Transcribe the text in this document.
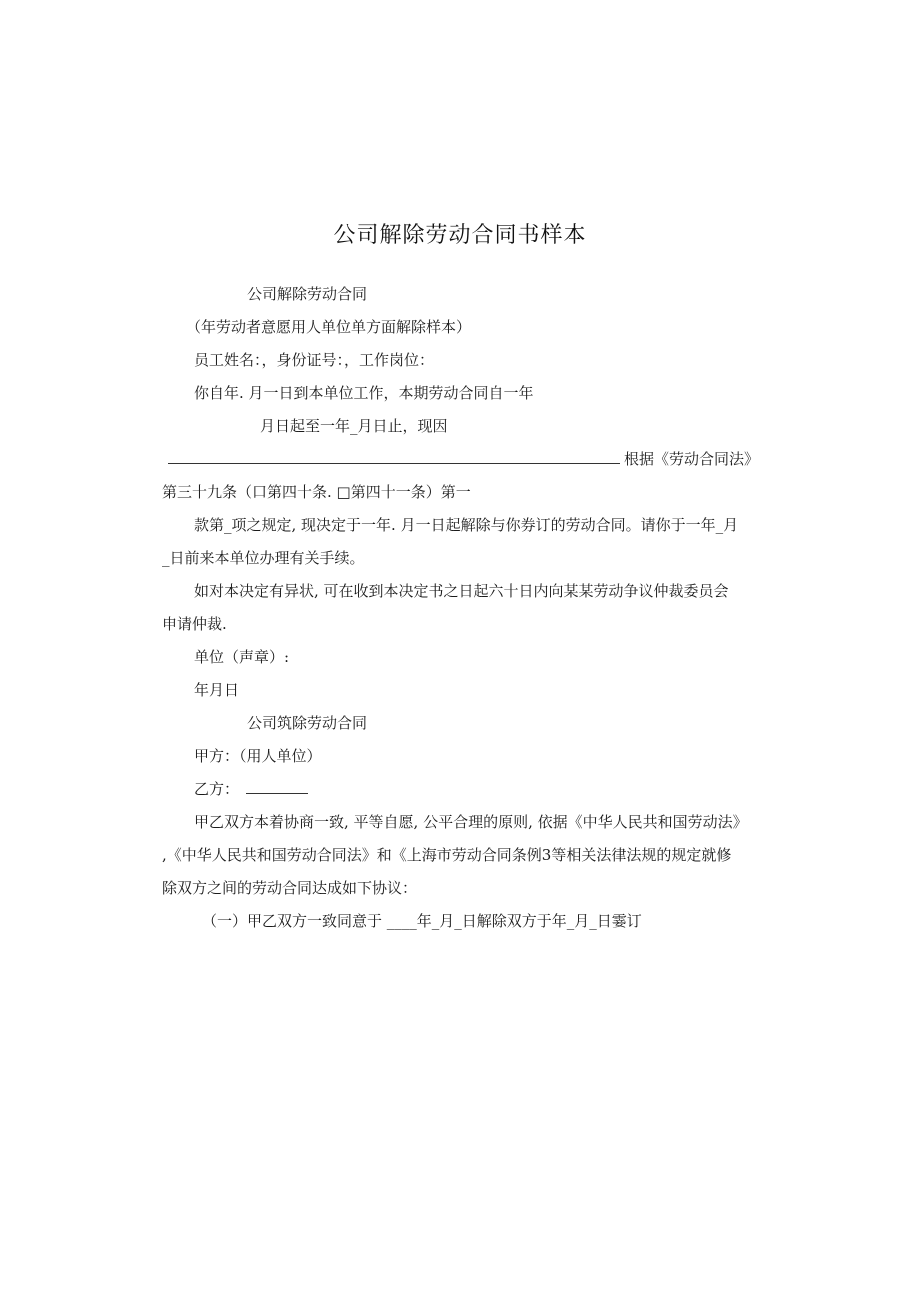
公司解除劳动合同书样本
公司解除劳动合同
（年劳动者意愿用人单位单方面解除样本）
员工姓名：，身份证号：，工作岗位：
你自年. 月一日到本单位工作，本期劳动合同自一年
月日起至一年_月日止，现因
根据《劳动合同法》
第三十九条（口第四十条. □第四十一条）第一
款第_项之规定, 现决定于一年. 月一日起解除与你券订的劳动合同。请你于一年_月
_日前来本单位办理有关手续。
如对本决定有异状, 可在收到本决定书之日起六十日内向某某劳动争议仲裁委员会
申请仲裁.
单位（声章）:
年月日
公司筑除劳动合同
甲方：（用人单位）
乙方：
甲乙双方本着协商一致, 平等自愿, 公平合理的原则, 依据《中华人民共和国劳动法》
,《中华人民共和国劳动合同法》和《上海市劳动合同条例3等相关法律法规的规定就修
除双方之间的劳动合同达成如下协议：
（一）甲乙双方一致同意于 ____年_月_日解除双方于年_月_日霎订
